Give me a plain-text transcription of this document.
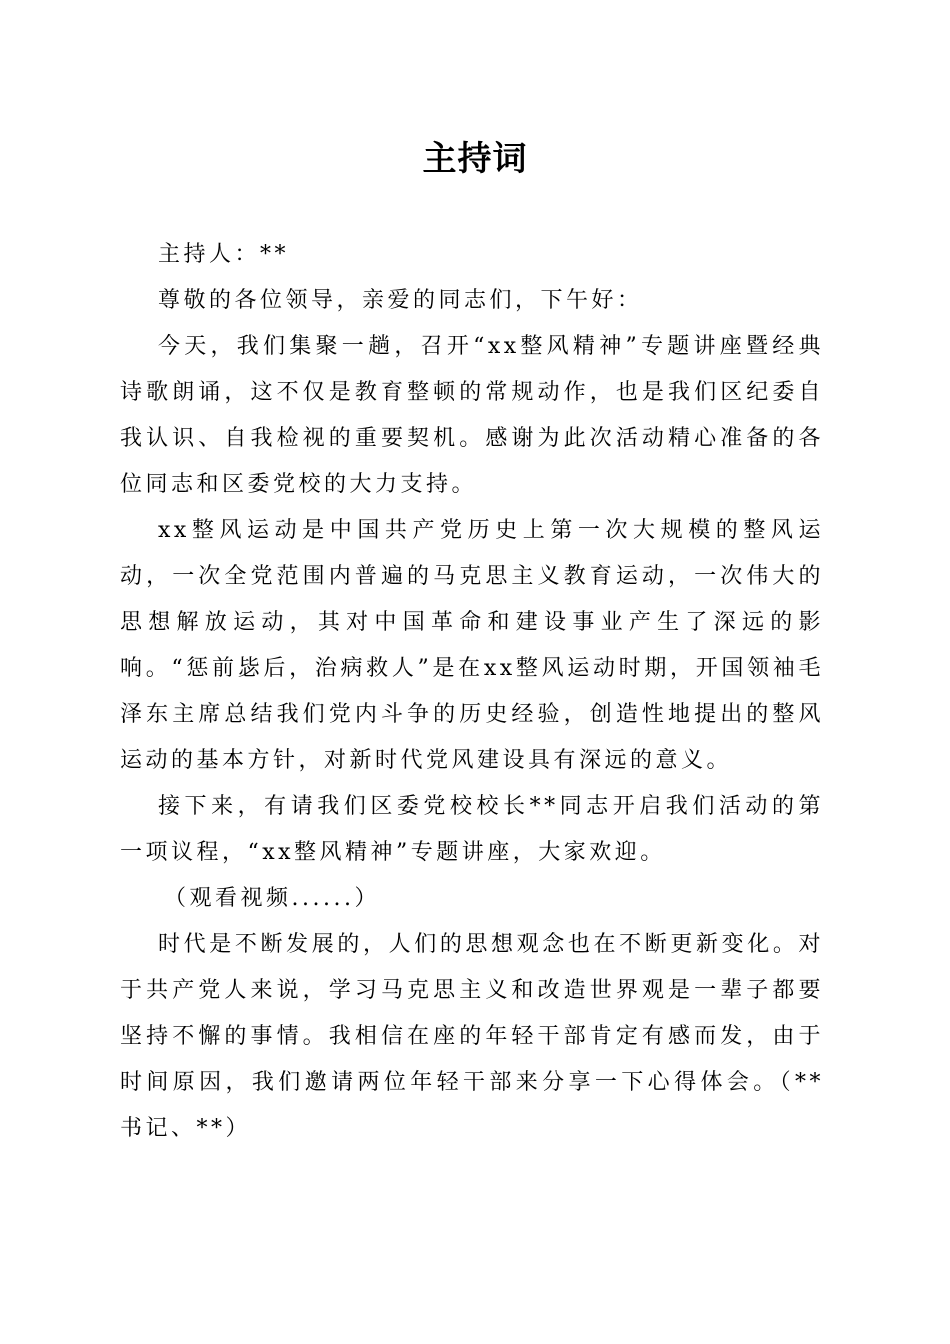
主持词

主持人：**

尊敬的各位领导，亲爱的同志们，下午好：

今天，我们集聚一趟，召开“xx整风精神”专题讲座暨经典诗歌朗诵，这不仅是教育整顿的常规动作，也是我们区纪委自我认识、自我检视的重要契机。感谢为此次活动精心准备的各位同志和区委党校的大力支持。

xx整风运动是中国共产党历史上第一次大规模的整风运动，一次全党范围内普遍的马克思主义教育运动，一次伟大的思想解放运动，其对中国革命和建设事业产生了深远的影响。“惩前毖后，治病救人”是在xx整风运动时期，开国领袖毛泽东主席总结我们党内斗争的历史经验，创造性地提出的整风运动的基本方针，对新时代党风建设具有深远的意义。

接下来，有请我们区委党校校长**同志开启我们活动的第一项议程，“xx整风精神”专题讲座，大家欢迎。

（观看视频......）

时代是不断发展的，人们的思想观念也在不断更新变化。对于共产党人来说，学习马克思主义和改造世界观是一辈子都要坚持不懈的事情。我相信在座的年轻干部肯定有感而发，由于时间原因，我们邀请两位年轻干部来分享一下心得体会。（**书记、**）
